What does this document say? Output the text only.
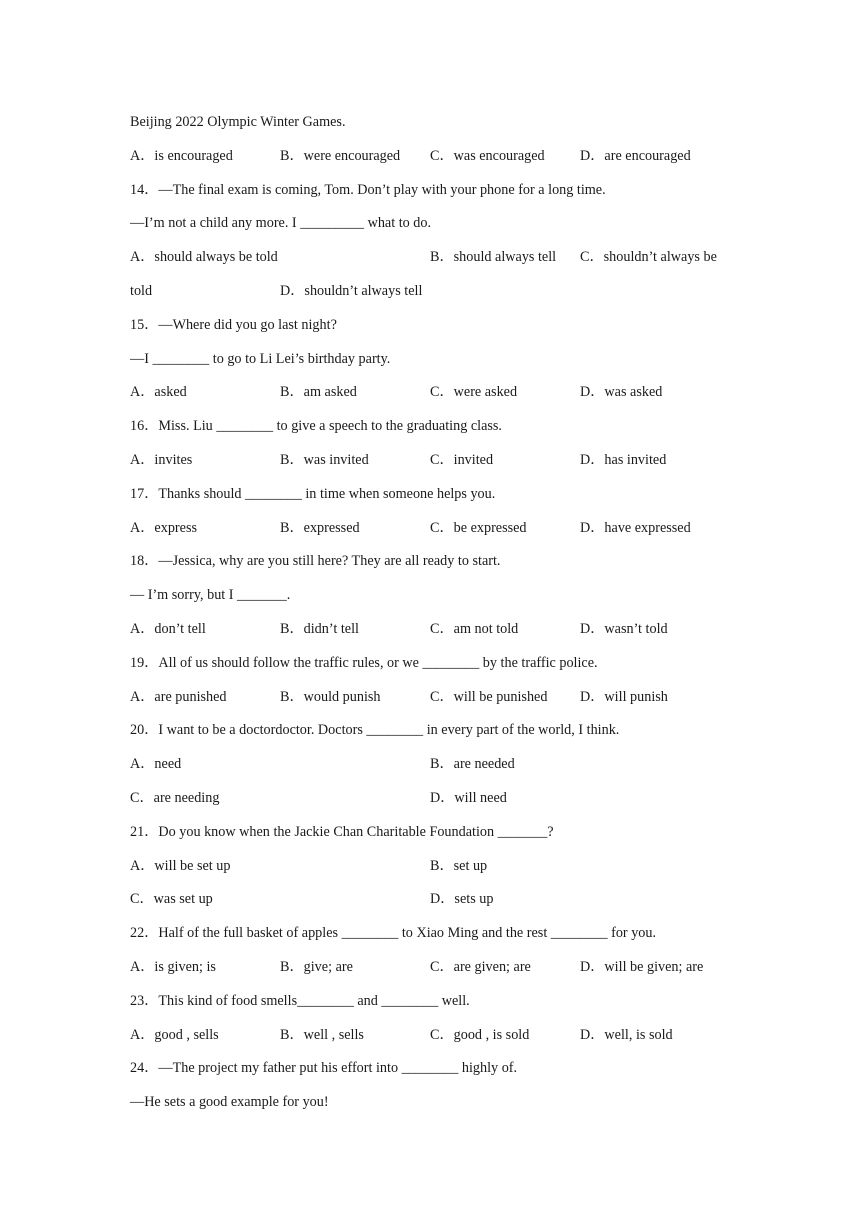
Beijing 2022 Olympic Winter Games.
A．is encouraged	B．were encouraged C．was encouraged D．are encouraged
14．—The final exam is coming, Tom. Don’t play with your phone for a long time.
—I’m not a child any more. I _________ what to do.
A．should always be told	B．should always tell C．shouldn’t always be
told	D．shouldn’t always tell
15．—Where did you go last night?
—I ________ to go to Li Lei’s birthday party.
A．asked	B．am asked	C．were asked	D．was asked
16．Miss. Liu ________ to give a speech to the graduating class.
A．invites	B．was invited	C．invited	D．has invited
17．Thanks should ________ in time when someone helps you.
A．express	B．expressed	C．be expressed	D．have expressed
18．—Jessica, why are you still here? They are all ready to start.
— I’m sorry, but I _______.
A．don’t tell	B．didn’t tell	C．am not told	D．wasn’t told
19．All of us should follow the traffic rules, or we ________ by the traffic police.
A．are punished	B．would punish	C．will be punished D．will punish
20．I want to be a doctordoctor. Doctors ________ in every part of the world, I think.
A．need	B．are needed
C．are needing	D．will need
21．Do you know when the Jackie Chan Charitable Foundation _______?
A．will be set up	B．set up
C．was set up	D．sets up
22．Half of the full basket of apples ________ to Xiao Ming and the rest ________ for you.
A．is given; is	B．give; are	C．are given; are	D．will be given; are
23．This kind of food smells________ and ________ well.
A．good , sells	B．well , sells	C．good , is sold	D．well, is sold
24．—The project my father put his effort into ________ highly of.
—He sets a good example for you!
